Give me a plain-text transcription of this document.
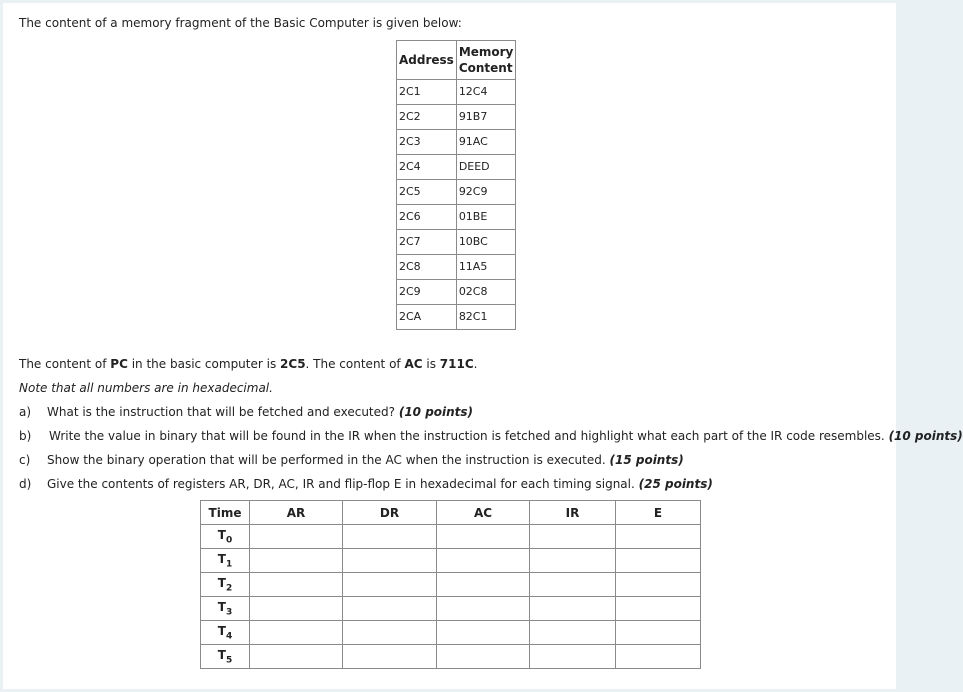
The content of a memory fragment of the Basic Computer is given below:
Address	Memory
Content
2C1	12C4
2C2	91B7
2C3	91AC
2C4	DEED
2C5	92C9
2C6	01BE
2C7	10BC
2C8	11A5
2C9	02C8
2CA	82C1
The content of PC in the basic computer is 2C5. The content of AC is 711C.
Note that all numbers are in hexadecimal.
a) What is the instruction that will be fetched and executed? (10 points)
b) Write the value in binary that will be found in the IR when the instruction is fetched and highlight what each part of the IR code resembles. (10 points)
c) Show the binary operation that will be performed in the AC when the instruction is executed. (15 points)
d) Give the contents of registers AR, DR, AC, IR and flip-flop E in hexadecimal for each timing signal. (25 points)
Time	AR	DR	AC	IR	E
$T_0$					
$T_1$					
$T_2$					
$T_3$					
$T_4$					
$T_5$					
